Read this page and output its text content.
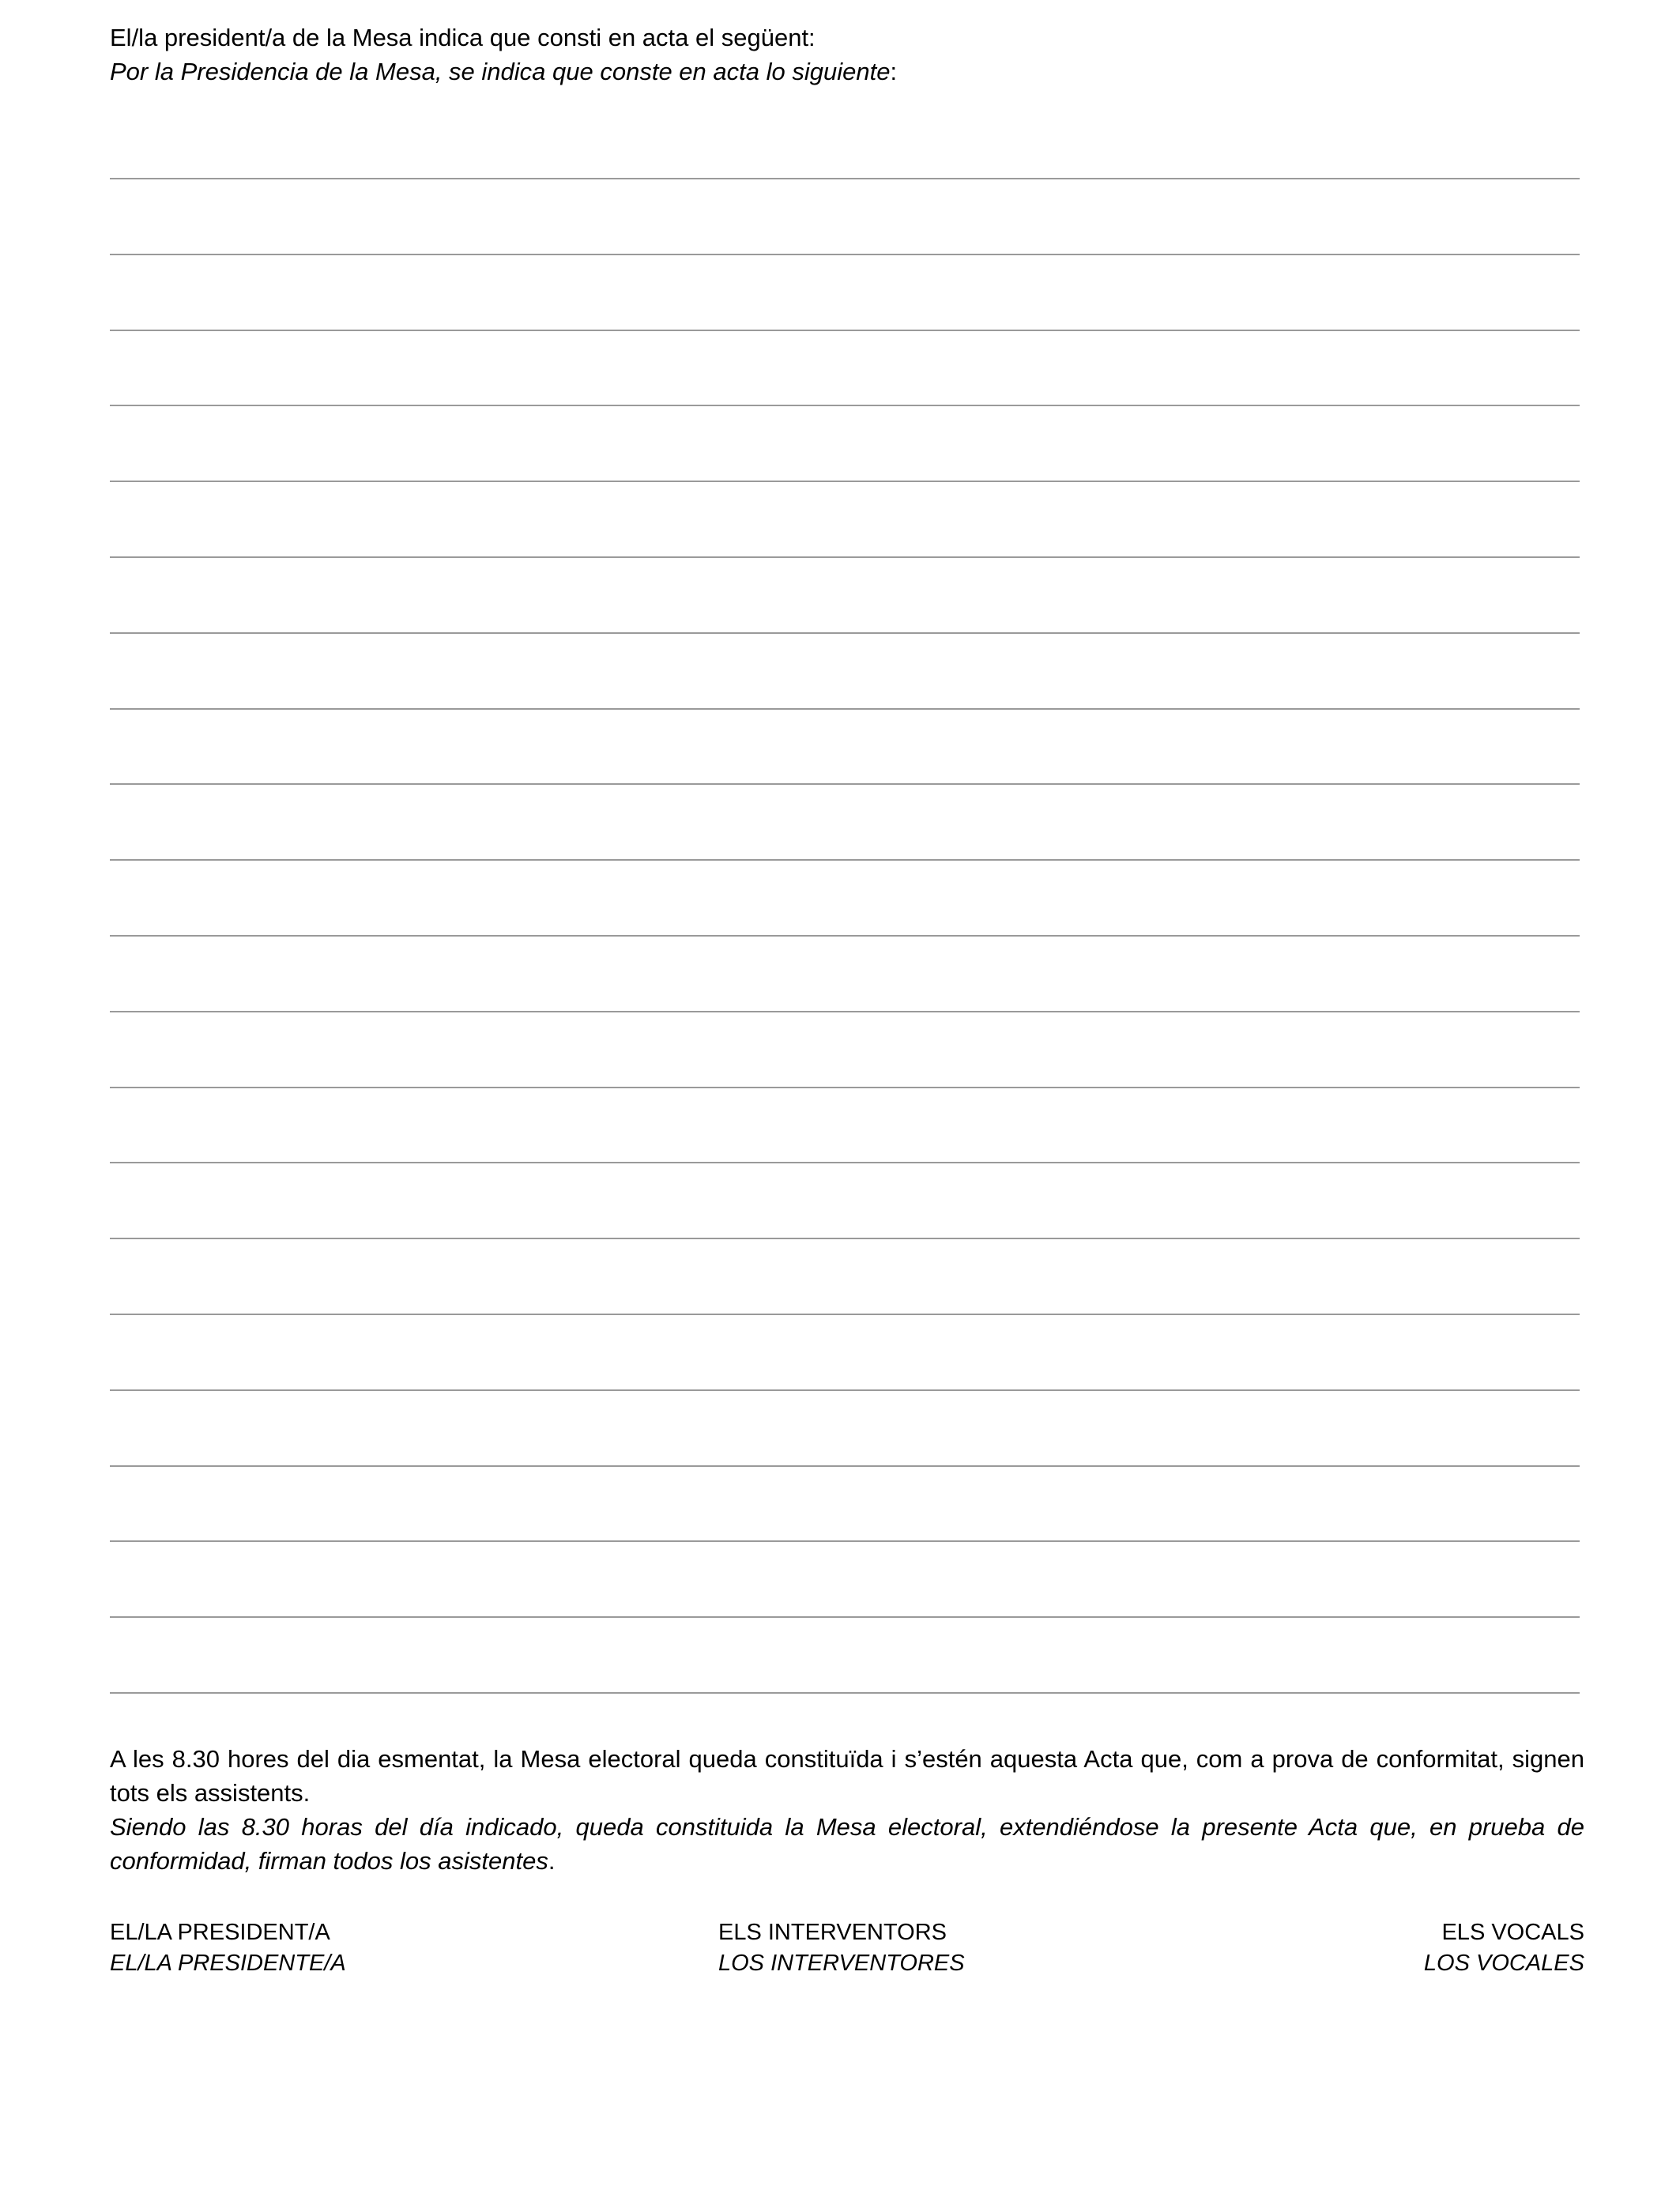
El/la president/a de la Mesa indica que consti en acta el següent:

Por la Presidencia de la Mesa, se indica que conste en acta lo siguiente:

A les 8.30 hores del dia esmentat, la Mesa electoral queda constituïda i s’estén aquesta Acta que, com a prova de conformitat, signen tots els assistents.

Siendo las 8.30 horas del día indicado, queda constituida la Mesa electoral, extendiéndose la presente Acta que, en prueba de conformidad, firman todos los asistentes.

EL/LA PRESIDENT/A
EL/LA PRESIDENTE/A
ELS INTERVENTORS
LOS INTERVENTORES
ELS VOCALS
LOS VOCALES
